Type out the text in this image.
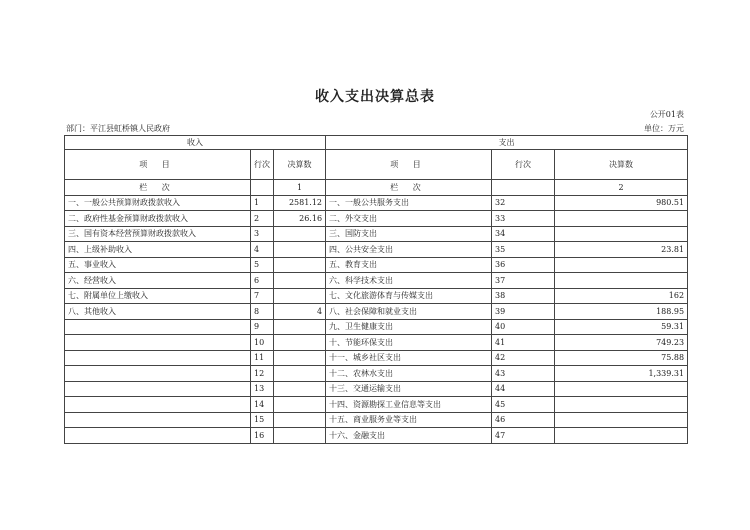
收入支出决算总表
公开01表
部门：平江县虹桥镇人民政府	单位：万元
收入			支出		
项 目	行次	决算数	项 目	行次	决算数
栏 次		1	栏 次		2
一、一般公共预算财政拨款收入	1	2581.12	一、一般公共服务支出	32	980.51
二、政府性基金预算财政拨款收入	2	26.16	二、外交支出	33	
三、国有资本经营预算财政拨款收入	3		三、国防支出	34	
四、上级补助收入	4		四、公共安全支出	35	23.81
五、事业收入	5		五、教育支出	36	
六、经营收入	6		六、科学技术支出	37	
七、附属单位上缴收入	7		七、文化旅游体育与传媒支出	38	162
八、其他收入	8	4	八、社会保障和就业支出	39	188.95
	9		九、卫生健康支出	40	59.31
	10		十、节能环保支出	41	749.23
	11		十一、城乡社区支出	42	75.88
	12		十二、农林水支出	43	1,339.31
	13		十三、交通运输支出	44	
	14		十四、资源勘探工业信息等支出	45	
	15		十五、商业服务业等支出	46	
	16		十六、金融支出	47	
